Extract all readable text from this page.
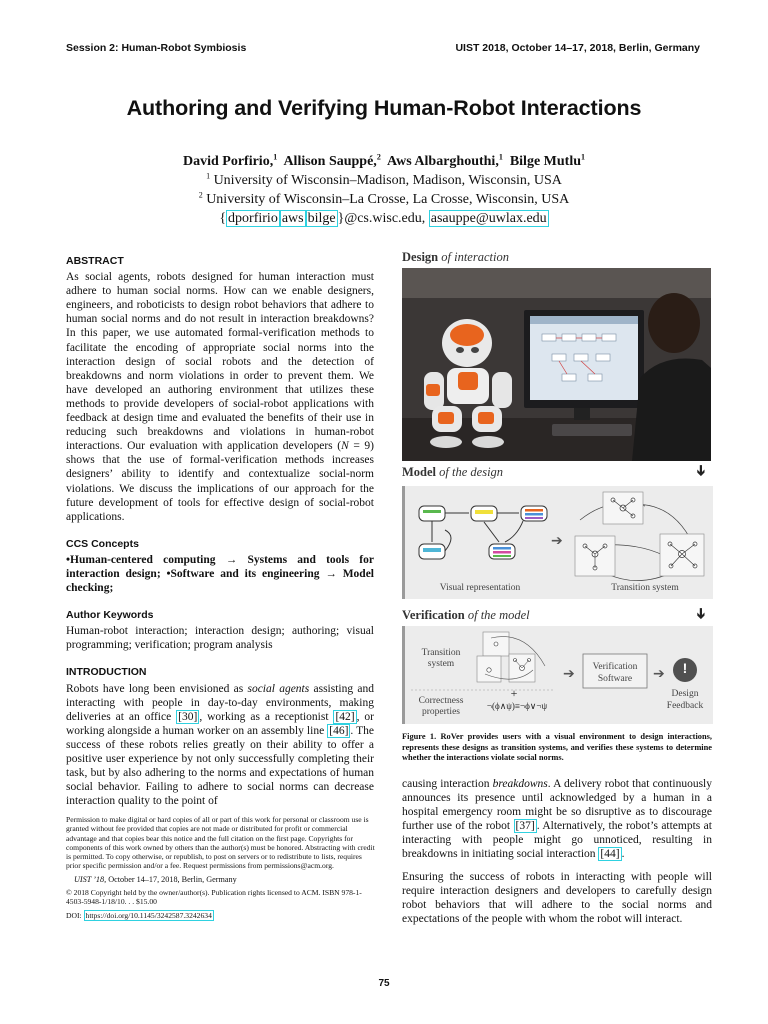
Session 2: Human-Robot Symbiosis	UIST 2018, October 14–17, 2018, Berlin, Germany
Authoring and Verifying Human-Robot Interactions
David Porfirio,$^1$ Allison Sauppé,$^2$ Aws Albarghouthi,$^1$ Bilge Mutlu$^1$
$^1$ University of Wisconsin–Madison, Madison, Wisconsin, USA
$^2$ University of Wisconsin–La Crosse, La Crosse, Wisconsin, USA
{ dporfirio aws bilge }@cs.wisc.edu, asauppe@uwlax.edu
ABSTRACT

As social agents, robots designed for human interaction must adhere to human social norms. How can we enable designers, engineers, and roboticists to design robot behaviors that adhere to human social norms and do not result in interaction breakdowns? In this paper, we use automated formal-verification methods to facilitate the encoding of appropriate social norms into the interaction design of social robots and the detection of breakdowns and norm violations in order to prevent them. We have developed an authoring environment that utilizes these methods to provide developers of social-robot applications with feedback at design time and evaluated the benefits of their use in reducing such breakdowns and violations in human-robot interactions. Our evaluation with application developers (N = 9) shows that the use of formal-verification methods increases designers’ ability to identify and contextualize social-norm violations. We discuss the implications of our approach for the future development of tools for effective design of social-robot applications.

CCS Concepts

•Human-centered computing → Systems and tools for interaction design; •Software and its engineering → Model checking;

Author Keywords

Human-robot interaction; interaction design; authoring; visual programming; verification; program analysis

INTRODUCTION

Robots have long been envisioned as social agents assisting and interacting with people in day-to-day environments, making deliveries at an office [30] , working as a receptionist [42] , or working alongside a human worker on an assembly line [46] . The success of these robots relies greatly on their ability to offer a positive user experience by not only successfully completing their task, but by also adhering to the norms and expectations of human social behavior. Failing to adhere to social norms can decrease interaction quality to the point of

Permission to make digital or hard copies of all or part of this work for personal or classroom use is granted without fee provided that copies are not made or distributed for profit or commercial advantage and that copies bear this notice and the full citation on the first page. Copyrights for components of this work owned by others than the author(s) must be honored. Abstracting with credit is permitted. To copy otherwise, or republish, to post on servers or to redistribute to lists, requires prior specific permission and/or a fee. Request permissions from permissions@acm.org.

UIST ’18, October 14–17, 2018, Berlin, Germany

© 2018 Copyright held by the owner/author(s). Publication rights licensed to ACM. ISBN 978-1-4503-5948-1/18/10. . . $15.00

DOI: https://doi.org/10.1145/3242587.3242634

Design of interaction
Model of the design	➔
➔
Visual representation	Transition system
Verification of the model	➔
Transition
system
➔	➔
+
Correctness
properties
¬(ϕ∧ψ)≡¬ϕ∨¬ψ
Verification
Software
!
Design
Feedback
Figure 1. RoVer provides users with a visual environment to design interactions, represents these designs as transition systems, and verifies these systems to determine whether the interactions violate social norms.

causing interaction breakdowns. A delivery robot that continuously announces its presence until acknowledged by a human in a hospital emergency room might be so disruptive as to discourage further use of the robot [37] . Alternatively, the robot’s attempts at interacting with people might go unnoticed, resulting in breakdowns in initiating social interaction [44] .

Ensuring the success of robots in interacting with people will require interaction designers and developers to carefully design robot behaviors that will adhere to the social norms and expectations of the people with whom the robot will interact.

75
